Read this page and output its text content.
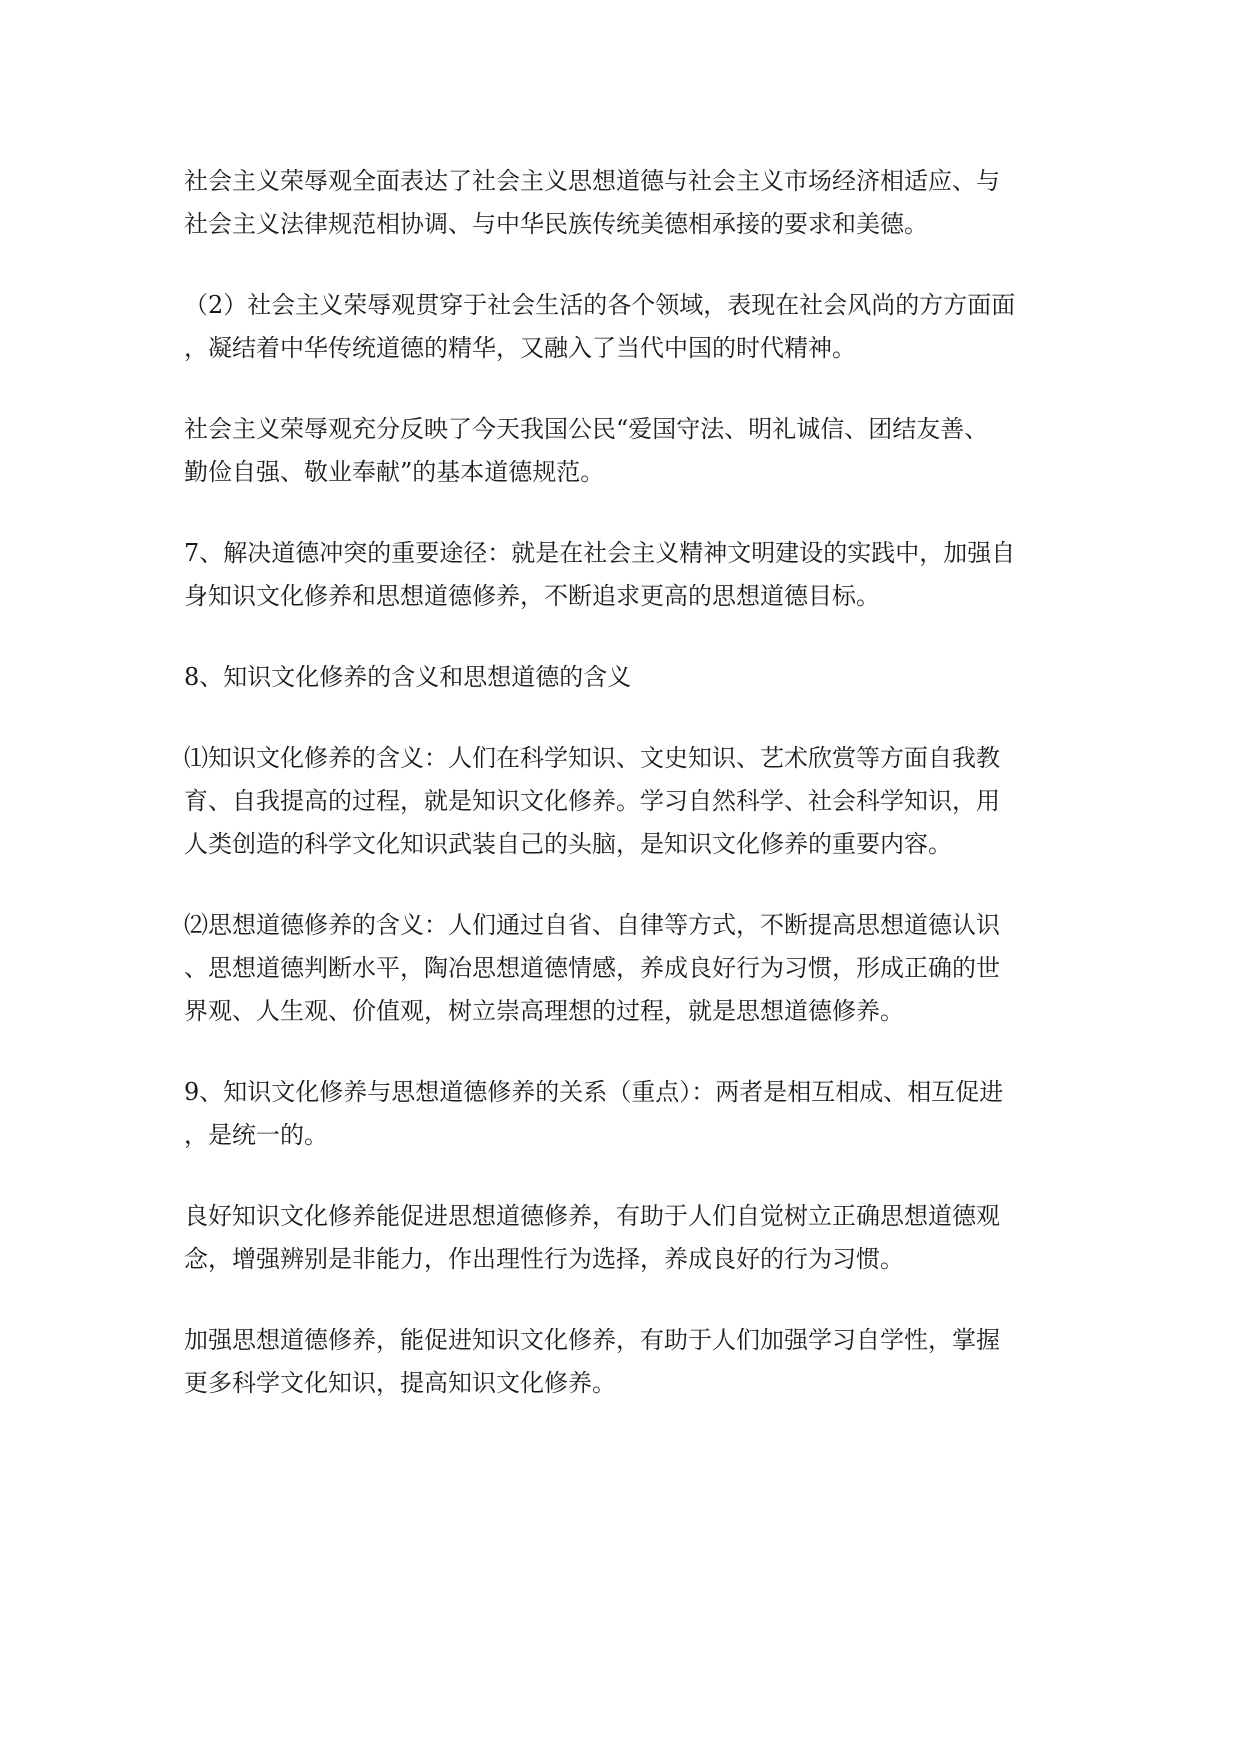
社会主义荣辱观全面表达了社会主义思想道德与社会主义市场经济相适应、与
社会主义法律规范相协调、与中华民族传统美德相承接的要求和美德。

（2）社会主义荣辱观贯穿于社会生活的各个领域，表现在社会风尚的方方面面
，凝结着中华传统道德的精华，又融入了当代中国的时代精神。

社会主义荣辱观充分反映了今天我国公民“爱国守法、明礼诚信、团结友善、
勤俭自强、敬业奉献”的基本道德规范。

7、解决道德冲突的重要途径：就是在社会主义精神文明建设的实践中，加强自
身知识文化修养和思想道德修养，不断追求更高的思想道德目标。

8、知识文化修养的含义和思想道德的含义

⑴知识文化修养的含义：人们在科学知识、文史知识、艺术欣赏等方面自我教
育、自我提高的过程，就是知识文化修养。学习自然科学、社会科学知识，用
人类创造的科学文化知识武装自己的头脑，是知识文化修养的重要内容。

⑵思想道德修养的含义：人们通过自省、自律等方式，不断提高思想道德认识
、思想道德判断水平，陶冶思想道德情感，养成良好行为习惯，形成正确的世
界观、人生观、价值观，树立崇高理想的过程，就是思想道德修养。

9、知识文化修养与思想道德修养的关系（重点）：两者是相互相成、相互促进
，是统一的。

良好知识文化修养能促进思想道德修养，有助于人们自觉树立正确思想道德观
念，增强辨别是非能力，作出理性行为选择，养成良好的行为习惯。

加强思想道德修养，能促进知识文化修养，有助于人们加强学习自学性，掌握
更多科学文化知识，提高知识文化修养。
